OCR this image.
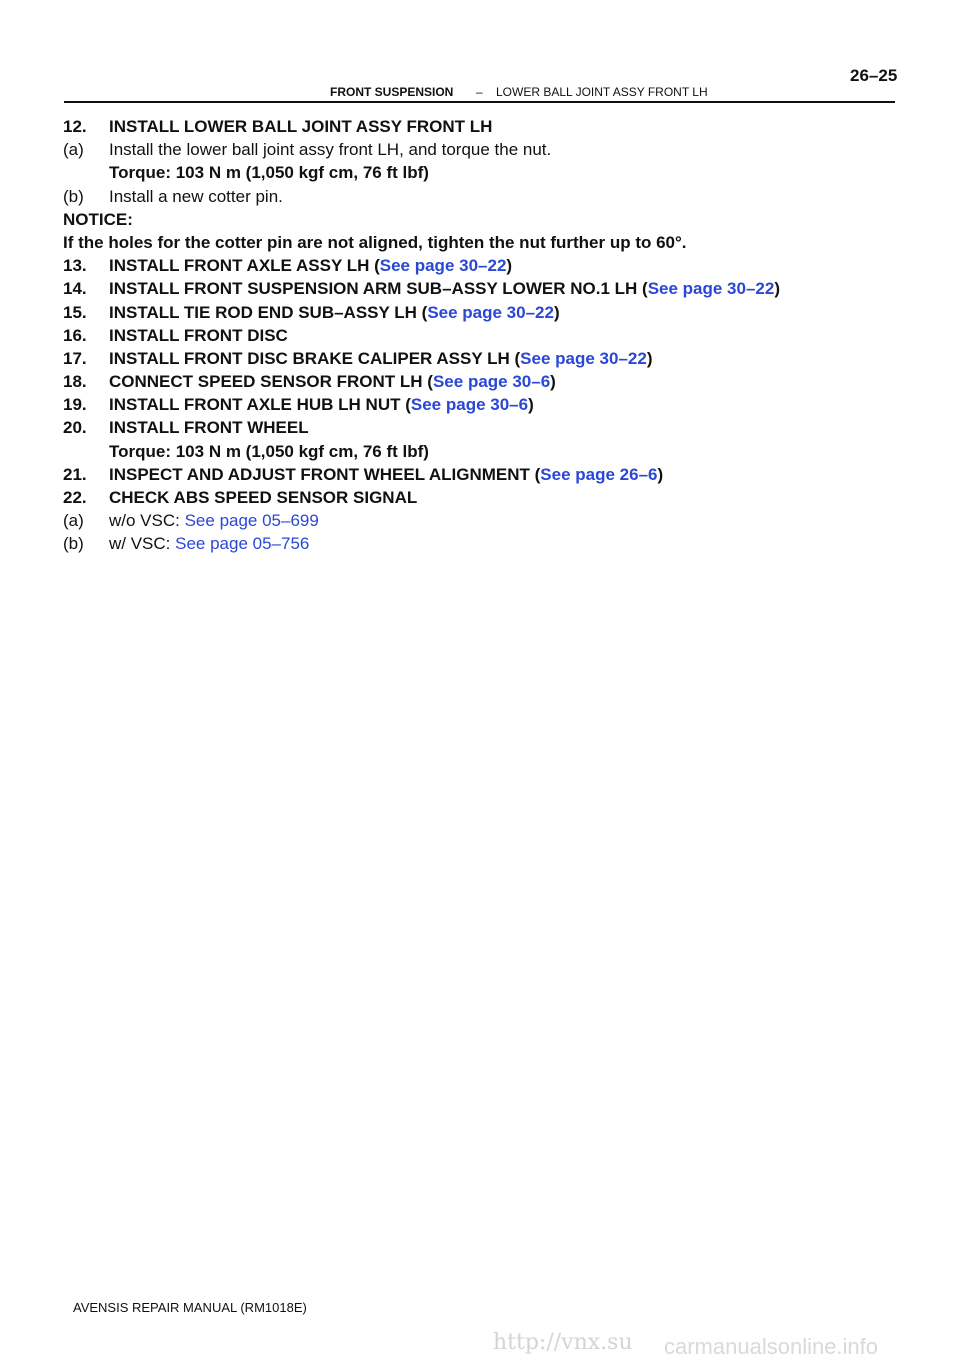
FRONT SUSPENSION – LOWER BALL JOINT ASSY FRONT LH
26–25
12. INSTALL LOWER BALL JOINT ASSY FRONT LH
(a) Install the lower ball joint assy front LH, and torque the nut.
Torque: 103 N m (1,050 kgf cm, 76 ft lbf)
(b) Install a new cotter pin.
NOTICE:
If the holes for the cotter pin are not aligned, tighten the nut further up to 60°.
13. INSTALL FRONT AXLE ASSY LH (See page 30–22)
14. INSTALL FRONT SUSPENSION ARM SUB–ASSY LOWER NO.1 LH (See page 30–22)
15. INSTALL TIE ROD END SUB–ASSY LH (See page 30–22)
16. INSTALL FRONT DISC
17. INSTALL FRONT DISC BRAKE CALIPER ASSY LH (See page 30–22)
18. CONNECT SPEED SENSOR FRONT LH (See page 30–6)
19. INSTALL FRONT AXLE HUB LH NUT (See page 30–6)
20. INSTALL FRONT WHEEL
Torque: 103 N m (1,050 kgf cm, 76 ft lbf)
21. INSPECT AND ADJUST FRONT WHEEL ALIGNMENT (See page 26–6)
22. CHECK ABS SPEED SENSOR SIGNAL
(a) w/o VSC: See page 05–699
(b) w/ VSC: See page 05–756
AVENSIS REPAIR MANUAL (RM1018E)
http://vnx.su carmanualsonline.info
